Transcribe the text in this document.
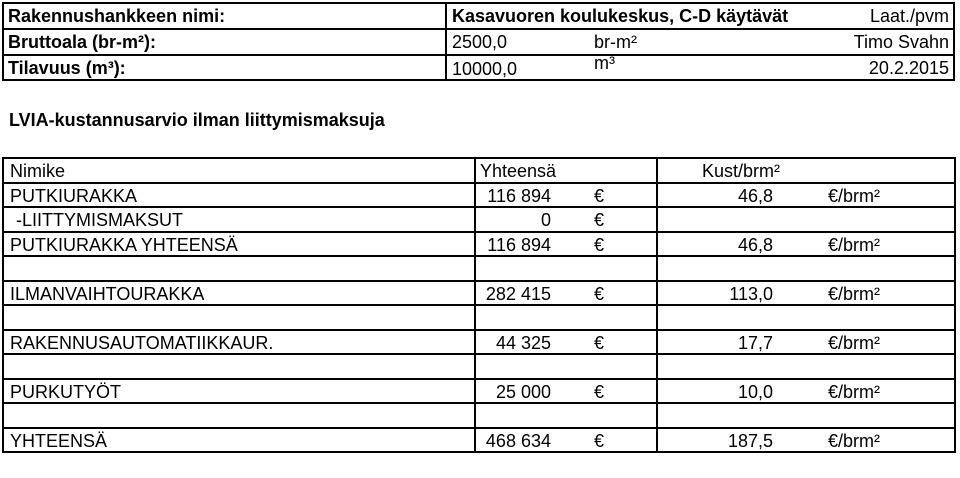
Rakennushankkeen nimi:	Kasavuoren koulukeskus, C-D käytävät	Laat./pvm
Bruttoala (br-m²):	2500,0	br-m²	Timo Svahn
Tilavuus (m³):	10000,0	m³	20.2.2015
LVIA-kustannusarvio ilman liittymismaksuja
Nimike	Yhteensä	Kust/brm²
PUTKIURAKKA	116 894 €	46,8	€/brm²
-LIITTYMISMAKSUT	0 €
PUTKIURAKKA YHTEENSÄ	116 894 €	46,8	€/brm²
ILMANVAIHTOURAKKA	282 415 €	113,0	€/brm²
RAKENNUSAUTOMATIIKKAUR.	44 325 €	17,7	€/brm²
PURKUTYÖT	25 000 €	10,0	€/brm²
YHTEENSÄ	468 634 €	187,5	€/brm²
